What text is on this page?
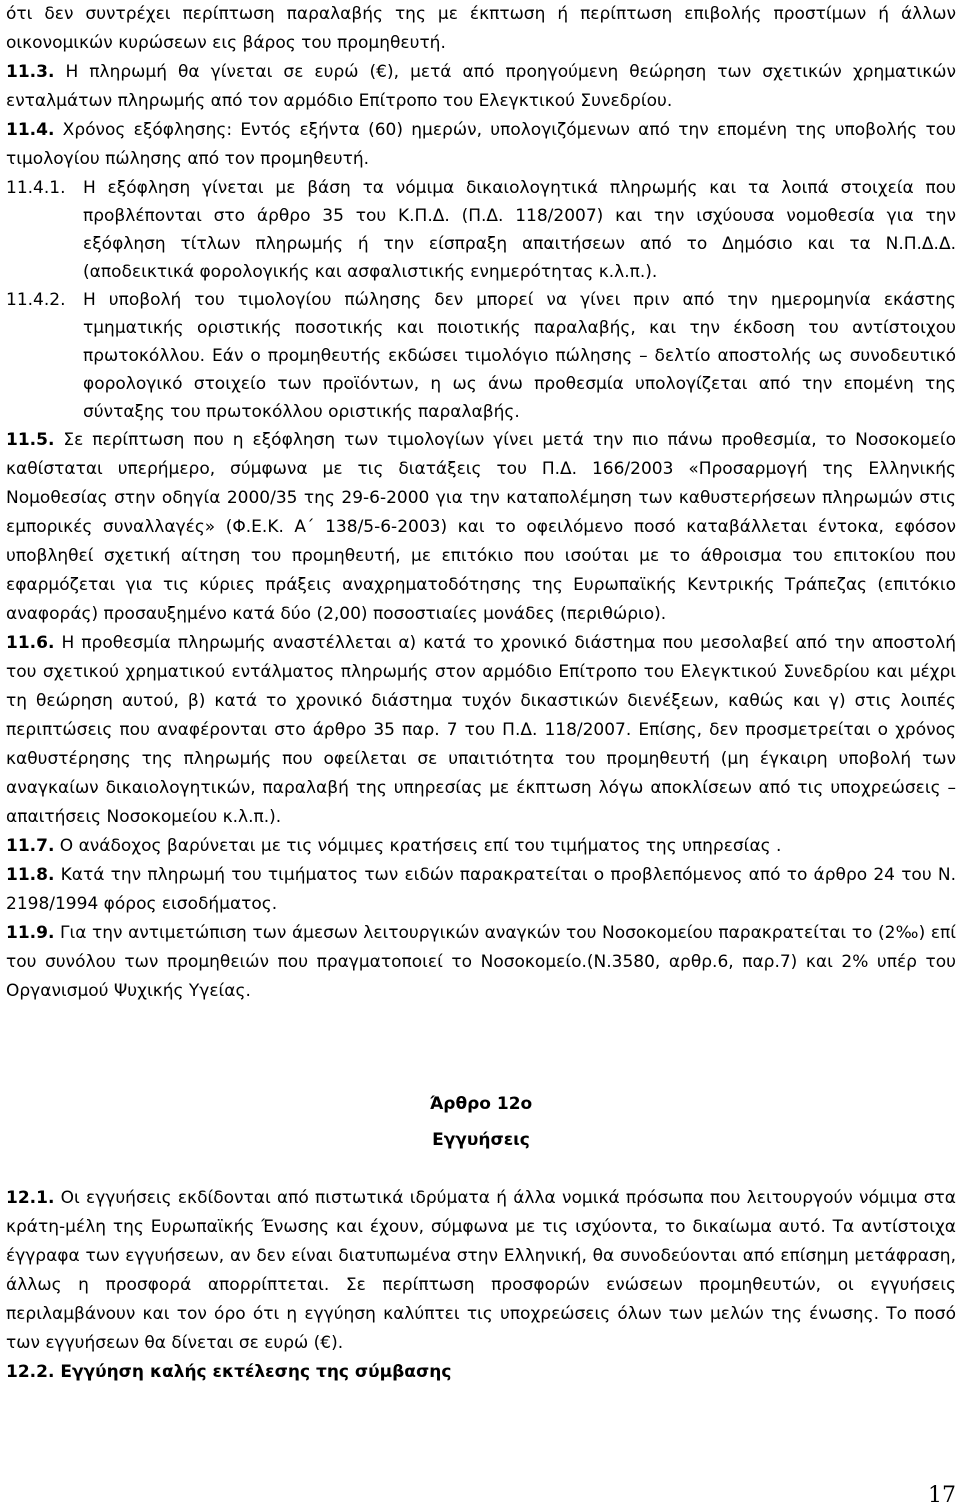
ότι δεν συντρέχει περίπτωση παραλαβής της με έκπτωση ή περίπτωση επιβολής προστίμων ή άλλων οικονομικών κυρώσεων εις βάρος του προμηθευτή.

11.3. Η πληρωμή θα γίνεται σε ευρώ (€), μετά από προηγούμενη θεώρηση των σχετικών χρηματικών ενταλμάτων πληρωμής από τον αρμόδιο Επίτροπο του Ελεγκτικού Συνεδρίου.

11.4. Χρόνος εξόφλησης: Εντός εξήντα (60) ημερών, υπολογιζόμενων από την επομένη της υποβολής του τιμολογίου πώλησης από τον προμηθευτή.

11.4.1. Η εξόφληση γίνεται με βάση τα νόμιμα δικαιολογητικά πληρωμής και τα λοιπά στοιχεία που προβλέπονται στο άρθρο 35 του Κ.Π.Δ. (Π.Δ. 118/2007) και την ισχύουσα νομοθεσία για την εξόφληση τίτλων πληρωμής ή την είσπραξη απαιτήσεων από το Δημόσιο και τα Ν.Π.Δ.Δ. (αποδεικτικά φορολογικής και ασφαλιστικής ενημερότητας κ.λ.π.).

11.4.2. Η υποβολή του τιμολογίου πώλησης δεν μπορεί να γίνει πριν από την ημερομηνία εκάστης τμηματικής οριστικής ποσοτικής και ποιοτικής παραλαβής, και την έκδοση του αντίστοιχου πρωτοκόλλου. Εάν ο προμηθευτής εκδώσει τιμολόγιο πώλησης – δελτίο αποστολής ως συνοδευτικό φορολογικό στοιχείο των προϊόντων, η ως άνω προθεσμία υπολογίζεται από την επομένη της σύνταξης του πρωτοκόλλου οριστικής παραλαβής.

11.5. Σε περίπτωση που η εξόφληση των τιμολογίων γίνει μετά την πιο πάνω προθεσμία, το Νοσοκομείο καθίσταται υπερήμερο, σύμφωνα με τις διατάξεις του Π.Δ. 166/2003 «Προσαρμογή της Ελληνικής Νομοθεσίας στην οδηγία 2000/35 της 29-6-2000 για την καταπολέμηση των καθυστερήσεων πληρωμών στις εμπορικές συναλλαγές» (Φ.Ε.Κ. Α΄ 138/5-6-2003) και το οφειλόμενο ποσό καταβάλλεται έντοκα, εφόσον υποβληθεί σχετική αίτηση του προμηθευτή, με επιτόκιο που ισούται με το άθροισμα του επιτοκίου που εφαρμόζεται για τις κύριες πράξεις αναχρηματοδότησης της Ευρωπαϊκής Κεντρικής Τράπεζας (επιτόκιο αναφοράς) προσαυξημένο κατά δύο (2,00) ποσοστιαίες μονάδες (περιθώριο).

11.6. Η προθεσμία πληρωμής αναστέλλεται α) κατά το χρονικό διάστημα που μεσολαβεί από την αποστολή του σχετικού χρηματικού εντάλματος πληρωμής στον αρμόδιο Επίτροπο του Ελεγκτικού Συνεδρίου και μέχρι τη θεώρηση αυτού, β) κατά το χρονικό διάστημα τυχόν δικαστικών διενέξεων, καθώς και γ) στις λοιπές περιπτώσεις που αναφέρονται στο άρθρο 35 παρ. 7 του Π.Δ. 118/2007. Επίσης, δεν προσμετρείται ο χρόνος καθυστέρησης της πληρωμής που οφείλεται σε υπαιτιότητα του προμηθευτή (μη έγκαιρη υποβολή των αναγκαίων δικαιολογητικών, παραλαβή της υπηρεσίας με έκπτωση λόγω αποκλίσεων από τις υποχρεώσεις – απαιτήσεις Νοσοκομείου κ.λ.π.).

11.7. Ο ανάδοχος βαρύνεται με τις νόμιμες κρατήσεις επί του τιμήματος της υπηρεσίας .

11.8. Κατά την πληρωμή του τιμήματος των ειδών παρακρατείται ο προβλεπόμενος από το άρθρο 24 του Ν. 2198/1994 φόρος εισοδήματος.

11.9. Για την αντιμετώπιση των άμεσων λειτουργικών αναγκών του Νοσοκομείου παρακρατείται το (2‰) επί του συνόλου των προμηθειών που πραγματοποιεί το Νοσοκομείο.(Ν.3580, αρθρ.6, παρ.7) και 2% υπέρ του Οργανισμού Ψυχικής Υγείας.

Άρθρο 12ο

Εγγυήσεις

12.1. Οι εγγυήσεις εκδίδονται από πιστωτικά ιδρύματα ή άλλα νομικά πρόσωπα που λειτουργούν νόμιμα στα κράτη-μέλη της Ευρωπαϊκής Ένωσης και έχουν, σύμφωνα με τις ισχύοντα, το δικαίωμα αυτό. Τα αντίστοιχα έγγραφα των εγγυήσεων, αν δεν είναι διατυπωμένα στην Ελληνική, θα συνοδεύονται από επίσημη μετάφραση, άλλως η προσφορά απορρίπτεται. Σε περίπτωση προσφορών ενώσεων προμηθευτών, οι εγγυήσεις περιλαμβάνουν και τον όρο ότι η εγγύηση καλύπτει τις υποχρεώσεις όλων των μελών της ένωσης. Το ποσό των εγγυήσεων θα δίνεται σε ευρώ (€).

12.2. Εγγύηση καλής εκτέλεσης της σύμβασης

17
